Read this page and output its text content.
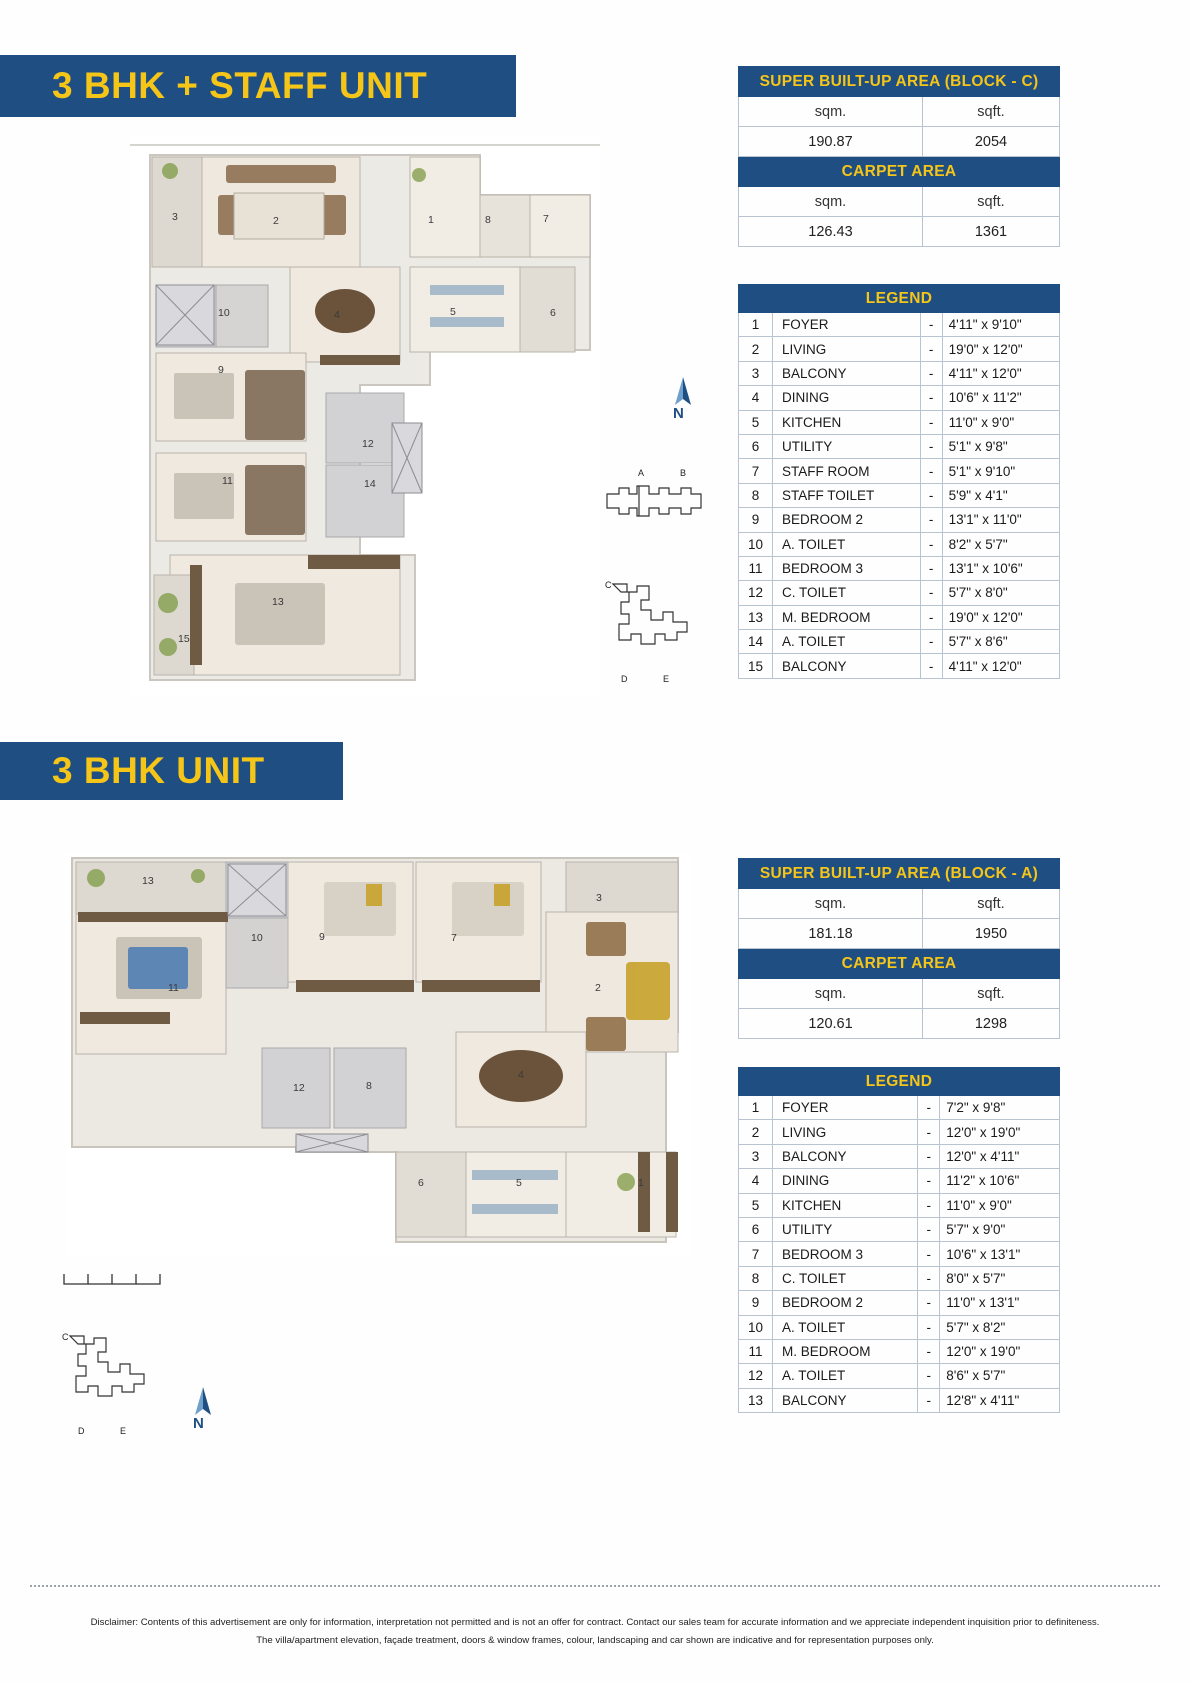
3 BHK + STAFF UNIT
3	2	1	8	7
10	4	5	6
9
12
11	14
13
15
N
A	B
C
D	E
SUPER BUILT-UP AREA (BLOCK - C)	
sqm.	sqft.
190.87	2054
CARPET AREA	
sqm.	sqft.
126.43	1361
LEGEND			
1	FOYER	-	4'11" x 9'10"
2	LIVING	-	19'0" x 12'0"
3	BALCONY	-	4'11" x 12'0"
4	DINING	-	10'6" x 11'2"
5	KITCHEN	-	11'0" x 9'0"
6	UTILITY	-	5'1" x 9'8"
7	STAFF ROOM	-	5'1" x 9'10"
8	STAFF TOILET	-	5'9" x 4'1"
9	BEDROOM 2	-	13'1" x 11'0"
10	A. TOILET	-	8'2" x 5'7"
11	BEDROOM 3	-	13'1" x 10'6"
12	C. TOILET	-	5'7" x 8'0"
13	M. BEDROOM	-	19'0" x 12'0"
14	A. TOILET	-	5'7" x 8'6"
15	BALCONY	-	4'11" x 12'0"
3 BHK UNIT
13
10	9	7
3
11	2
12	8
4
6	5	1
C
D	E	N
SUPER BUILT-UP AREA (BLOCK - A)	
sqm.	sqft.
181.18	1950
CARPET AREA	
sqm.	sqft.
120.61	1298
LEGEND			
1	FOYER	-	7'2" x 9'8"
2	LIVING	-	12'0" x 19'0"
3	BALCONY	-	12'0" x 4'11"
4	DINING	-	11'2" x 10'6"
5	KITCHEN	-	11'0" x 9'0"
6	UTILITY	-	5'7" x 9'0"
7	BEDROOM 3	-	10'6" x 13'1"
8	C. TOILET	-	8'0" x 5'7"
9	BEDROOM 2	-	11'0" x 13'1"
10	A. TOILET	-	5'7" x 8'2"
11	M. BEDROOM	-	12'0" x 19'0"
12	A. TOILET	-	8'6" x 5'7"
13	BALCONY	-	12'8" x 4'11"
Disclaimer: Contents of this advertisement are only for information, interpretation not permitted and is not an offer for contract. Contact our sales team for accurate information and we appreciate independent inquisition prior to definiteness.
The villa/apartment elevation, façade treatment, doors & window frames, colour, landscaping and car shown are indicative and for representation purposes only.
